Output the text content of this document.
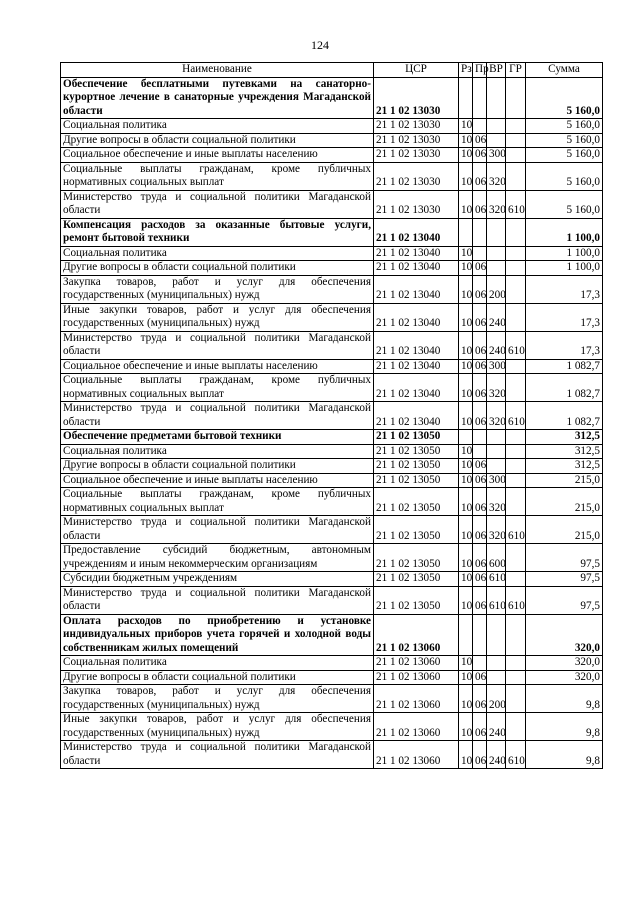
124
Наименование	ЦСР	Рз	Пр	ВР	ГР	Сумма
Обеспечение бесплатными путевками на санаторно-курортное лечение в санаторные учреждения Магаданской области	21 1 02 13030					5 160,0
Социальная политика	21 1 02 13030	10				5 160,0
Другие вопросы в области социальной политики	21 1 02 13030	10	06			5 160,0
Социальное обеспечение и иные выплаты населению	21 1 02 13030	10	06	300		5 160,0
Социальные выплаты гражданам, кроме публичных нормативных социальных выплат	21 1 02 13030	10	06	320		5 160,0
Министерство труда и социальной политики Магаданской области	21 1 02 13030	10	06	320	610	5 160,0
Компенсация расходов за оказанные бытовые услуги, ремонт бытовой техники	21 1 02 13040					1 100,0
Социальная политика	21 1 02 13040	10				1 100,0
Другие вопросы в области социальной политики	21 1 02 13040	10	06			1 100,0
Закупка товаров, работ и услуг для обеспечения государственных (муниципальных) нужд	21 1 02 13040	10	06	200		17,3
Иные закупки товаров, работ и услуг для обеспечения государственных (муниципальных) нужд	21 1 02 13040	10	06	240		17,3
Министерство труда и социальной политики Магаданской области	21 1 02 13040	10	06	240	610	17,3
Социальное обеспечение и иные выплаты населению	21 1 02 13040	10	06	300		1 082,7
Социальные выплаты гражданам, кроме публичных нормативных социальных выплат	21 1 02 13040	10	06	320		1 082,7
Министерство труда и социальной политики Магаданской области	21 1 02 13040	10	06	320	610	1 082,7
Обеспечение предметами бытовой техники	21 1 02 13050					312,5
Социальная политика	21 1 02 13050	10				312,5
Другие вопросы в области социальной политики	21 1 02 13050	10	06			312,5
Социальное обеспечение и иные выплаты населению	21 1 02 13050	10	06	300		215,0
Социальные выплаты гражданам, кроме публичных нормативных социальных выплат	21 1 02 13050	10	06	320		215,0
Министерство труда и социальной политики Магаданской области	21 1 02 13050	10	06	320	610	215,0
Предоставление субсидий бюджетным, автономным учреждениям и иным некоммерческим организациям	21 1 02 13050	10	06	600		97,5
Субсидии бюджетным учреждениям	21 1 02 13050	10	06	610		97,5
Министерство труда и социальной политики Магаданской области	21 1 02 13050	10	06	610	610	97,5
Оплата расходов по приобретению и установке индивидуальных приборов учета горячей и холодной воды собственникам жилых помещений	21 1 02 13060					320,0
Социальная политика	21 1 02 13060	10				320,0
Другие вопросы в области социальной политики	21 1 02 13060	10	06			320,0
Закупка товаров, работ и услуг для обеспечения государственных (муниципальных) нужд	21 1 02 13060	10	06	200		9,8
Иные закупки товаров, работ и услуг для обеспечения государственных (муниципальных) нужд	21 1 02 13060	10	06	240		9,8
Министерство труда и социальной политики Магаданской области	21 1 02 13060	10	06	240	610	9,8
